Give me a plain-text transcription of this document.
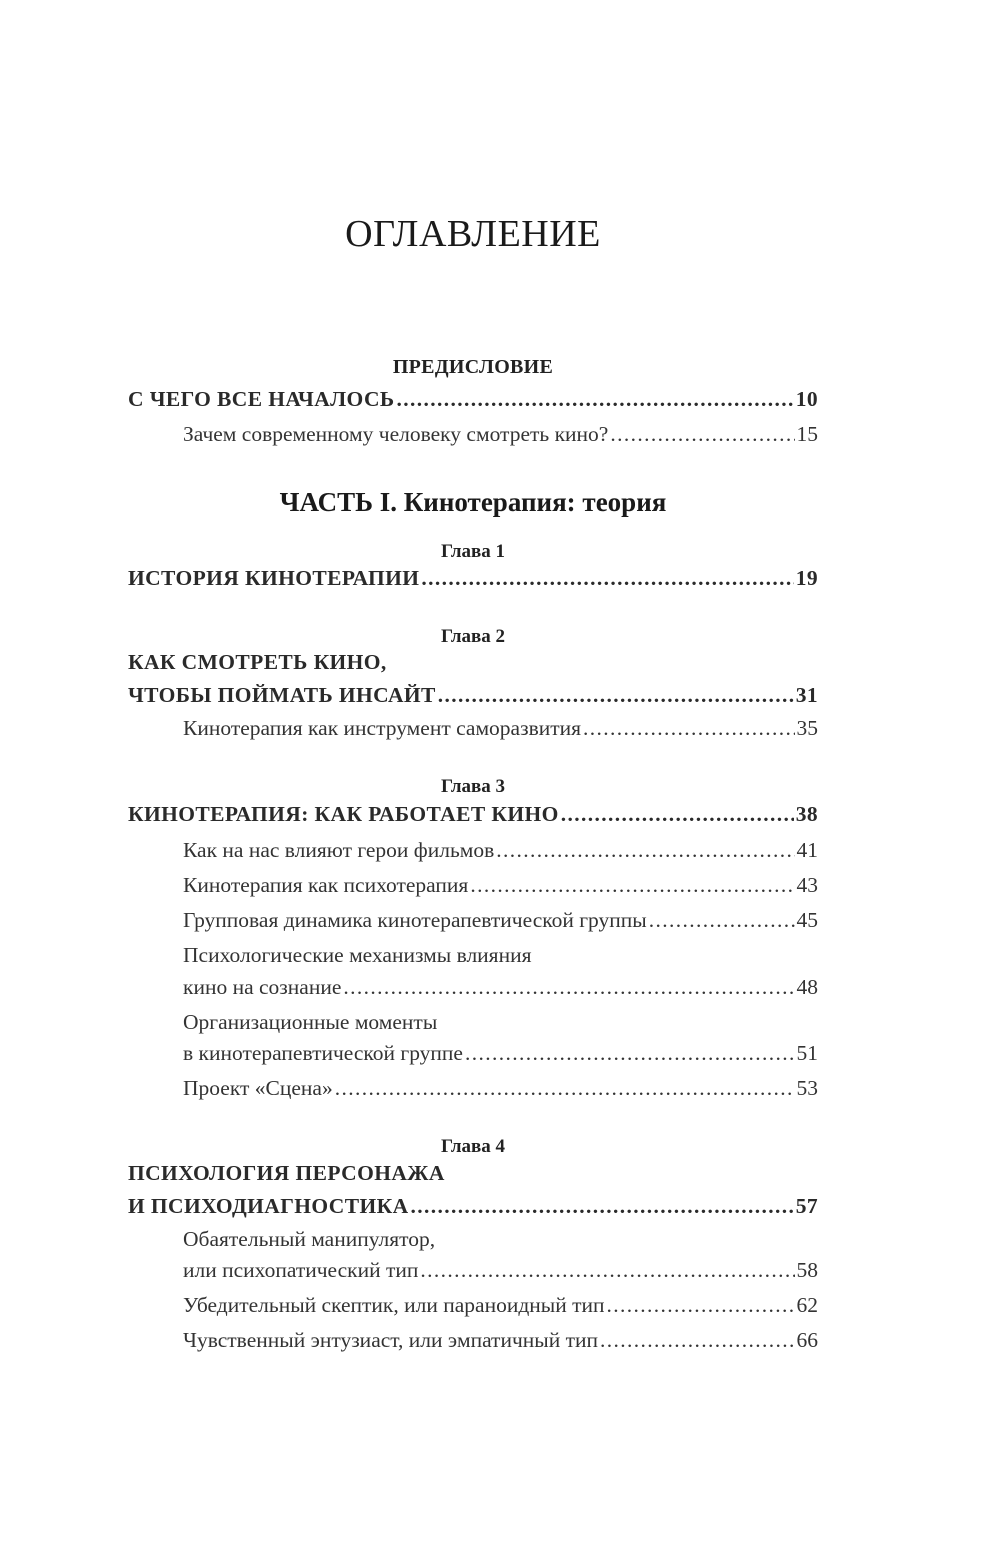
ОГЛАВЛЕНИЕ
ПРЕДИСЛОВИЕ
С ЧЕГО ВСЕ НАЧАЛОСЬ . . .	10
Зачем современному человеку смотреть кино? . . .	15
ЧАСТЬ I. Кинотерапия: теория
Глава 1
ИСТОРИЯ КИНОТЕРАПИИ . . .	19
Глава 2
КАК СМОТРЕТЬ КИНО,
ЧТОБЫ ПОЙМАТЬ ИНСАЙТ . . .	31
Кинотерапия как инструмент саморазвития . . .	35
Глава 3
КИНОТЕРАПИЯ: КАК РАБОТАЕТ КИНО . . .	38
Как на нас влияют герои фильмов . . .	41
Кинотерапия как психотерапия . . .	43
Групповая динамика кинотерапевтической группы . . .	45
Психологические механизмы влияния
кино на сознание . . .	48
Организационные моменты
в кинотерапевтической группе . . .	51
Проект «Сцена» . . .	53
Глава 4
ПСИХОЛОГИЯ ПЕРСОНАЖА
И ПСИХОДИАГНОСТИКА . . .	57
Обаятельный манипулятор,
или психопатический тип . . .	58
Убедительный скептик, или параноидный тип . . .	62
Чувственный энтузиаст, или эмпатичный тип . . .	66
